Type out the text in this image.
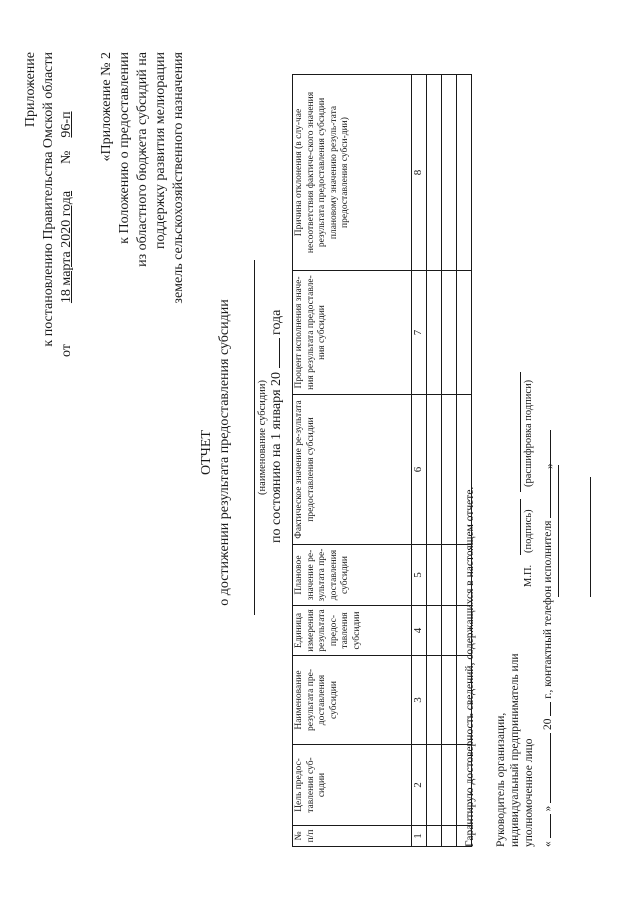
Приложение к постановлению Правительства Омской области
от  18 марта 2020 года  №  96-п «Приложение № 2 к Положению о предоставлении из областного бюджета субсидий на поддержку развития мелиорации земель сельскохозяйственного назначения
ОТЧЕТ о достижении результата предоставления субсидии (наименование субсидии) по состоянию на 1 января 20  года
№ п/п	Цель предос-тавления суб-сидии	Наименование результата пре-доставления субсидии	Единица измерения результата предос-тавления субсидии	Плановое значение ре-зультата пре-доставления субсидии	Фактическое значение ре-зультата предоставления субсидии	Процент исполнения значе-ния результата предоставле-ния субсидии	Причина отклонения (в слу-чае несоответствия фактиче-ского значения результата предоставления субсидии плановому значению резуль-тата предоставления субси-дии)
1	2	3	4	5	6	7	8

Гарантирую достоверность сведений, содержащихся в настоящем отчете. Руководитель организации, индивидуальный предприниматель или уполномоченное лицо
М.П.
(подпись)
(расшифровка подписи)
«  »  20  г., контактный телефон исполнителя
»
